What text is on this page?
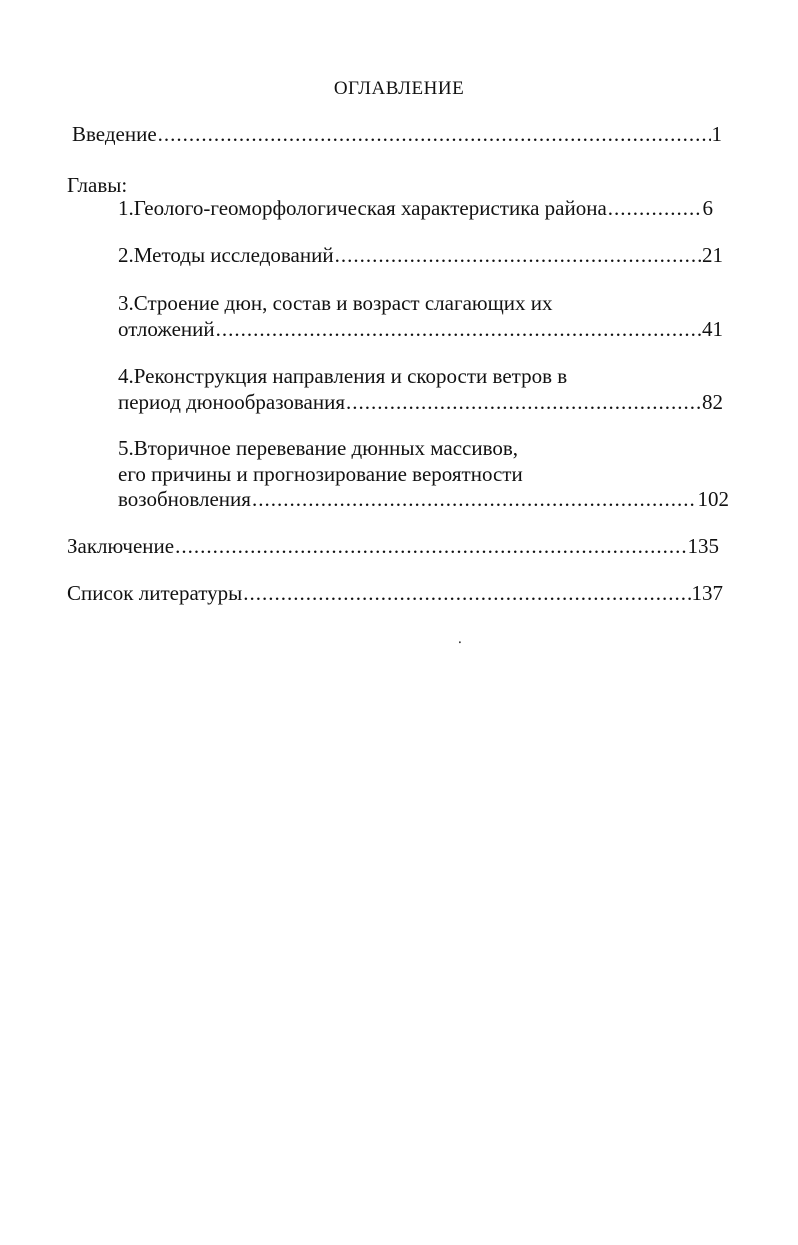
ОГЛАВЛЕНИЕ
Введение .....	1
Главы:
1.Геолого-геоморфологическая характеристика района .....	6
2.Методы исследований .....	21
3.Строение дюн, состав и возраст слагающих их
отложений .....	41
4.Реконструкция направления и скорости ветров в
период дюнообразования .....	82
5.Вторичное перевевание дюнных массивов,
его причины и прогнозирование вероятности
возобновления .....	102
Заключение .....	135
Список литературы .....	137
⸱
